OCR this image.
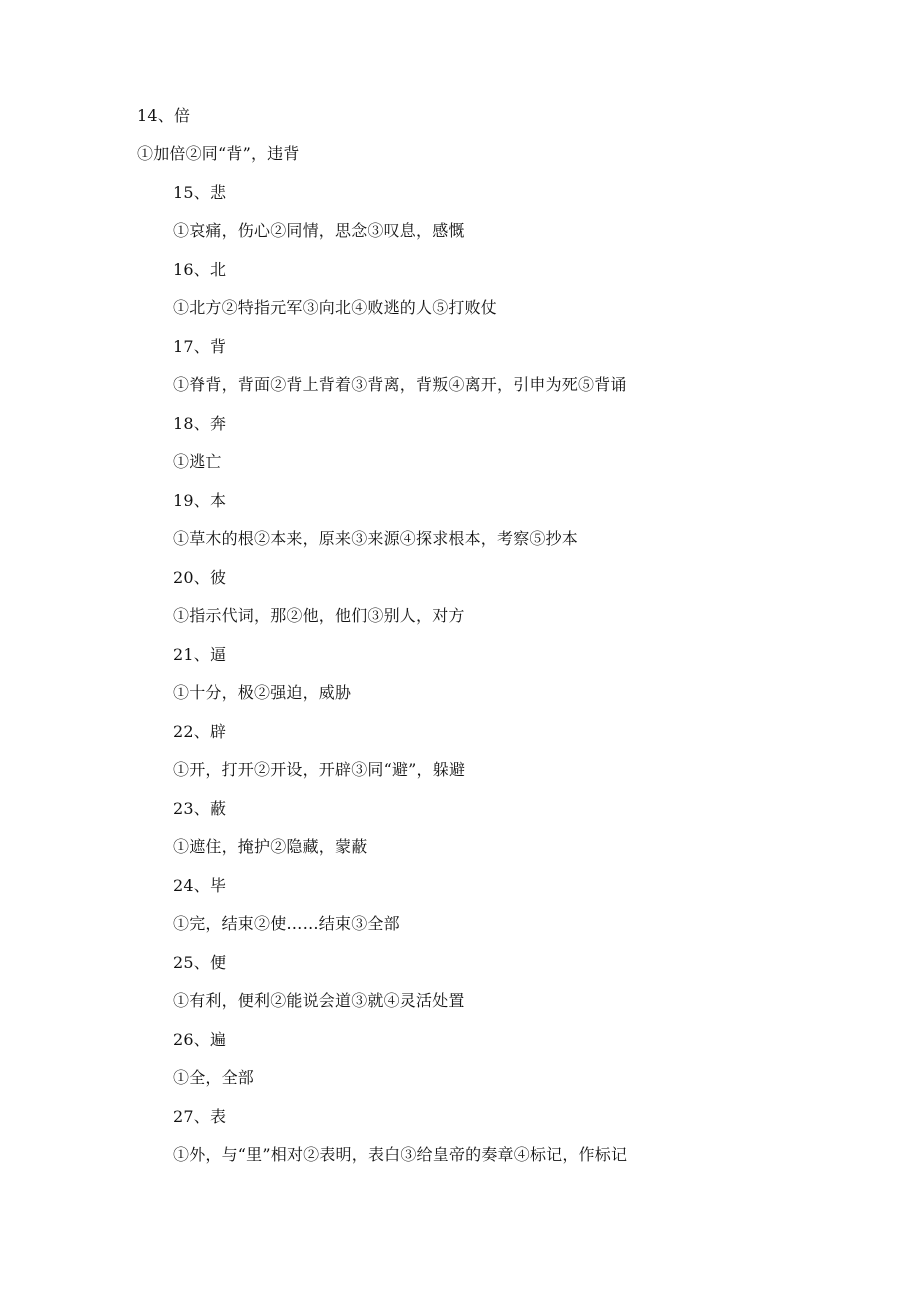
14、倍
①加倍②同“背”，违背
15、悲
①哀痛，伤心②同情，思念③叹息，感慨
16、北
①北方②特指元军③向北④败逃的人⑤打败仗
17、背
①脊背，背面②背上背着③背离，背叛④离开，引申为死⑤背诵
18、奔
①逃亡
19、本
①草木的根②本来，原来③来源④探求根本，考察⑤抄本
20、彼
①指示代词，那②他，他们③别人，对方
21、逼
①十分，极②强迫，威胁
22、辟
①开，打开②开设，开辟③同“避”，躲避
23、蔽
①遮住，掩护②隐藏，蒙蔽
24、毕
①完，结束②使……结束③全部
25、便
①有利，便利②能说会道③就④灵活处置
26、遍
①全，全部
27、表
①外，与“里”相对②表明，表白③给皇帝的奏章④标记，作标记
